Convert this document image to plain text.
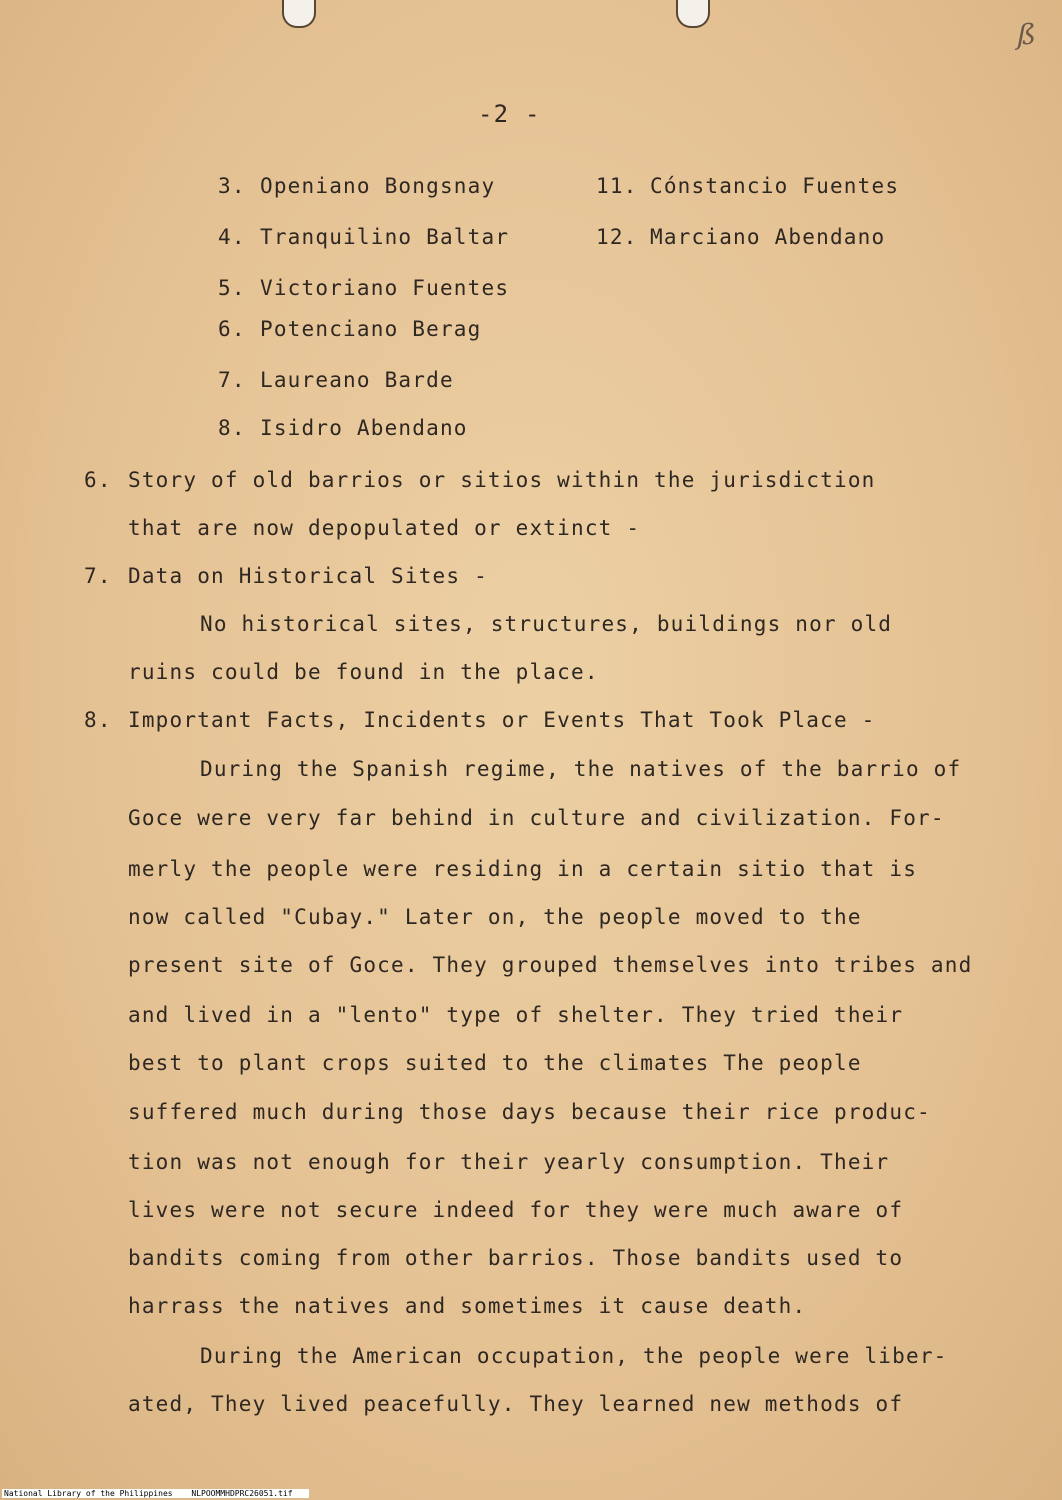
ß
-2 -
3. Openiano Bongsnay
4. Tranquilino Baltar
5. Victoriano Fuentes
6. Potenciano Berag
7. Laureano Barde
8. Isidro Abendano
11. Cónstancio Fuentes
12. Marciano Abendano
6. Story of old barrios or sitios within the jurisdiction
that are now depopulated or extinct -
7. Data on Historical Sites -
No historical sites, structures, buildings nor old
ruins could be found in the place.
8. Important Facts, Incidents or Events That Took Place -
During the Spanish regime, the natives of the barrio of
Goce were very far behind in culture and civilization. For-
merly the people were residing in a certain sitio that is
now called "Cubay." Later on, the people moved to the
present site of Goce. They grouped themselves into tribes and
and lived in a "lento" type of shelter. They tried their
best to plant crops suited to the climates The people
suffered much during those days because their rice produc-
tion was not enough for their yearly consumption. Their
lives were not secure indeed for they were much aware of
bandits coming from other barrios. Those bandits used to
harrass the natives and sometimes it cause death.
During the American occupation, the people were liber-
ated, They lived peacefully. They learned new methods of
National Library of the Philippines NLPOOMMHDPRC26051.tif
